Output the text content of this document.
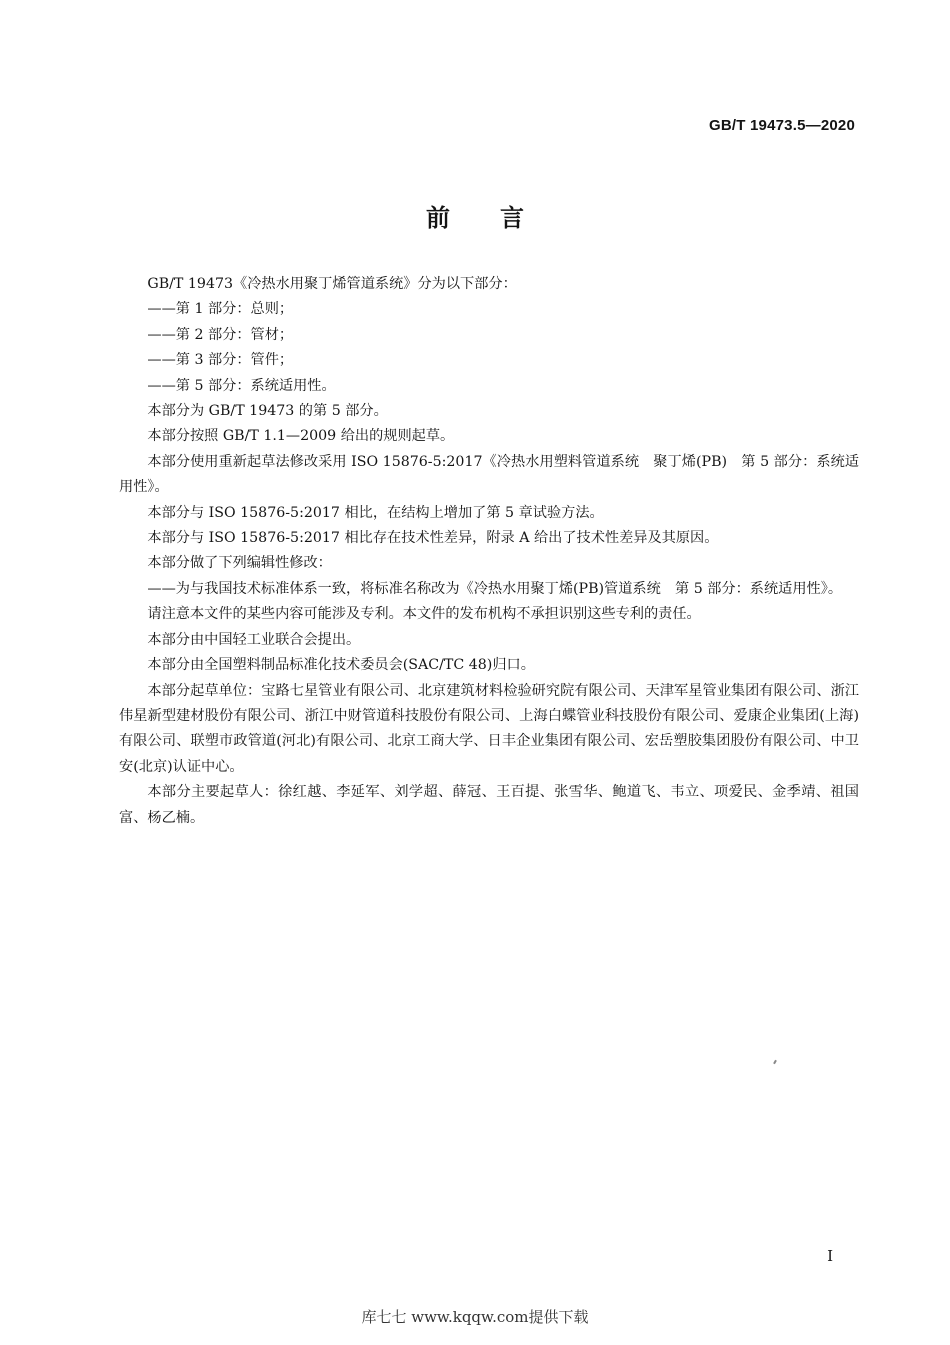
GB/T 19473.5—2020
前言

GB/T 19473《冷热水用聚丁烯管道系统》分为以下部分：

——第 1 部分：总则；

——第 2 部分：管材；

——第 3 部分：管件；

——第 5 部分：系统适用性。

本部分为 GB/T 19473 的第 5 部分。

本部分按照 GB/T 1.1—2009 给出的规则起草。

本部分使用重新起草法修改采用 ISO 15876-5:2017《冷热水用塑料管道系统　聚丁烯(PB)　第 5 部分：系统适用性》。

本部分与 ISO 15876-5:2017 相比，在结构上增加了第 5 章试验方法。

本部分与 ISO 15876-5:2017 相比存在技术性差异，附录 A 给出了技术性差异及其原因。

本部分做了下列编辑性修改：

——为与我国技术标准体系一致，将标准名称改为《冷热水用聚丁烯(PB)管道系统　第 5 部分：系统适用性》。

请注意本文件的某些内容可能涉及专利。本文件的发布机构不承担识别这些专利的责任。

本部分由中国轻工业联合会提出。

本部分由全国塑料制品标准化技术委员会(SAC/TC 48)归口。

本部分起草单位：宝路七星管业有限公司、北京建筑材料检验研究院有限公司、天津军星管业集团有限公司、浙江伟星新型建材股份有限公司、浙江中财管道科技股份有限公司、上海白蝶管业科技股份有限公司、爱康企业集团(上海)有限公司、联塑市政管道(河北)有限公司、北京工商大学、日丰企业集团有限公司、宏岳塑胶集团股份有限公司、中卫安(北京)认证中心。

本部分主要起草人：徐红越、李延军、刘学超、薛冠、王百提、张雪华、鲍道飞、韦立、项爱民、金季靖、祖国富、杨乙楠。

I
库七七 www.kqqw.com提供下载
